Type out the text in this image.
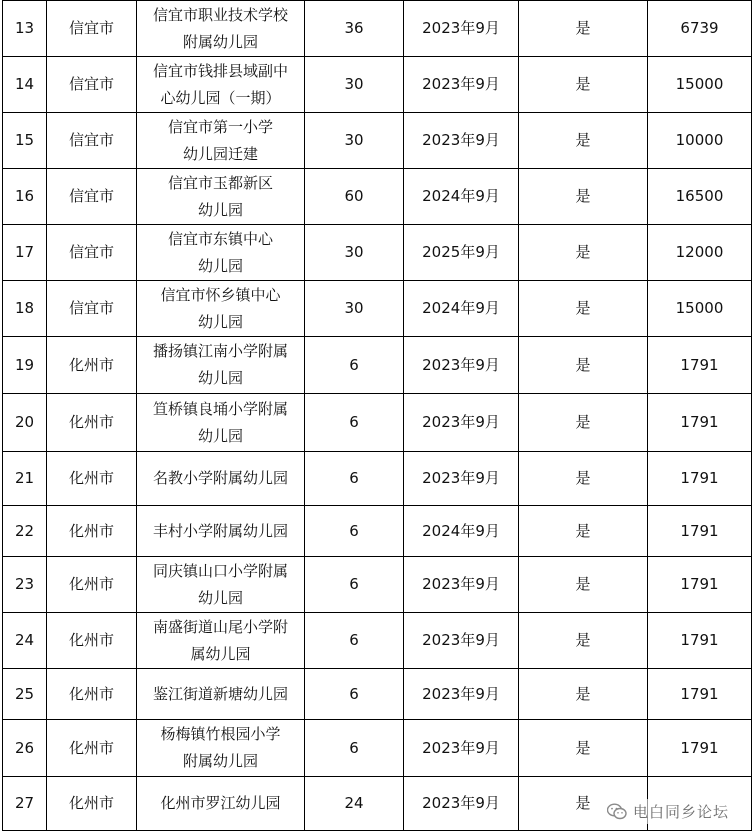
13	信宜市	信宜市职业技术学校
附属幼儿园	36	2023年9月	是	6739
14	信宜市	信宜市钱排县域副中
心幼儿园（一期）	30	2023年9月	是	15000
15	信宜市	信宜市第一小学
幼儿园迁建	30	2023年9月	是	10000
16	信宜市	信宜市玉都新区
幼儿园	60	2024年9月	是	16500
17	信宜市	信宜市东镇中心
幼儿园	30	2025年9月	是	12000
18	信宜市	信宜市怀乡镇中心
幼儿园	30	2024年9月	是	15000
19	化州市	播扬镇江南小学附属
幼儿园	6	2023年9月	是	1791
20	化州市	笪桥镇良埇小学附属
幼儿园	6	2023年9月	是	1791
21	化州市	名教小学附属幼儿园	6	2023年9月	是	1791
22	化州市	丰村小学附属幼儿园	6	2024年9月	是	1791
23	化州市	同庆镇山口小学附属
幼儿园	6	2023年9月	是	1791
24	化州市	南盛街道山尾小学附
属幼儿园	6	2023年9月	是	1791
25	化州市	鉴江街道新塘幼儿园	6	2023年9月	是	1791
26	化州市	杨梅镇竹根园小学
附属幼儿园	6	2023年9月	是	1791
27	化州市	化州市罗江幼儿园	24	2023年9月	是		电白同乡论坛
